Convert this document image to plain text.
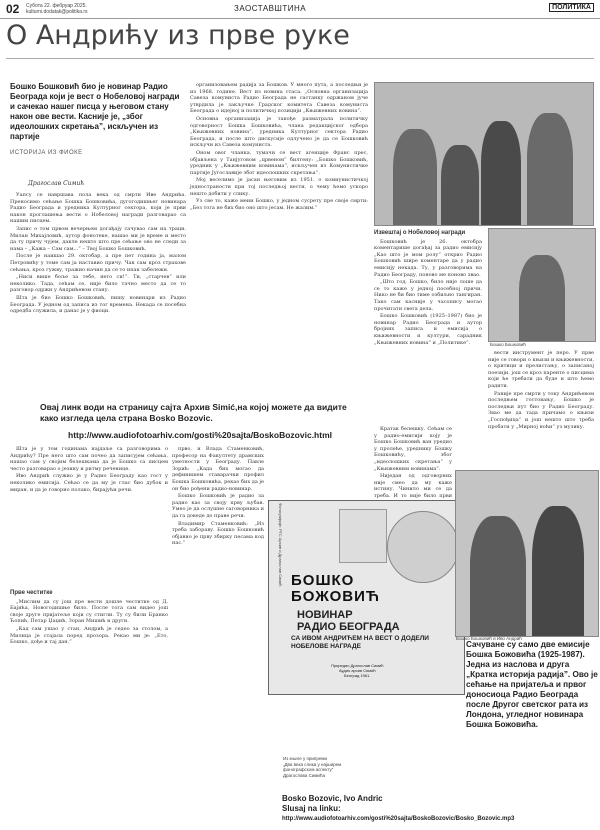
02 Субота 22. фебруар 2025.
kulturni.dodatak@politika.rs	ЗАОСТАВШТИНА	ПОЛИТИКА
О Андрићу из прве руке
Бошко Бошковић био је новинар Радио Београда који је вест о Нобеловој награди и сачекао нашег писца у његовом стану након ове вести. Касније је, „због идеолошких скретања”, искључен из партије
ИСТОРИЈА ИЗ ФИОКЕ
Драгослав Симић

Уапсу се навршава пола века од смрти Иве Андрића. Преносимо сећање Бошка Бошковића, дугогодишњег новинара Радио Београда и уредника Културног сектора, који је први након проглашења вести о Нобеловој награди разговарао са нашим писцем.

Запис о том првом вечерњем догађају сачувао сам на траци. Милан Михајловић, аутор фонотеке, нашао ми је време и место да ту причу чујем, дакле нешто што пре сећање ово не следи за нама – „Кажа – Сам сам...” – Твој Бошко Бошковић.

После је наишао 29. октобар, а пре пет година ја, малом Петровићу у томе сам ја наставио причу. Чак сам кроз страхове сећања, кроз гужву, тражио начин да се то ипак забележи.

„Ниси више боље за тебе, него си!”. Ти, „старчев” или неколико. Тада, сећам се, није било тачно место да се то разговор одржи у Андрићевом стану.

Шта је био Бошко Бошковић, пишу новинари из Радио Београда. У једном од записа из тог времена. Некада се посебна одредба служила, и данас је у фиоци.

организовањем радија за Бошков. У много пута, а последњи је из 1968. године. Вест из новина стаса. „Основна организација Савеза комуниста Радио Београда не састанку одржаном јуче утврдила је закључке Градског комитета Савеза комуниста Београда о идејној и политичкој позицији „Књижевних новина”.

Основна организација је такође разматрала политичку одговорност Бошка Бошковића, члана редакцијског одбора „Књижевних новина”, уредника Културног сектора Радио Београда, и после што дискусије одлучено је да се Бошковић искључи из Савеза комуниста.

Оном овог чланка, тумачи се вест агенције Франс прес, објављена у Танјуговом „црвеном” билтену: „Бошко Бошковић, уредник у „Књижевним новинама”, искључен из Комунистичке партије Југославије због идеолошких скретања”.

Мој веселимо је јасан његовим из 1951. о комиунистичкој једностраности при тој последњој вести, о чему ћемо ускоро нешто добити у слику.

Уз све то, каже мени Бошко, у једном сусрету пре своје смрти: „Без тога не бих био оно што јесам. Не жалим.”

Извештај о Нобеловој награди

Бошковић је 26. октобра коментарише догађај за радио емисију „Као што је мом ролу” открио Радио Бошковић шире коментаре да у радио емисију некада. Ту, у разговорима на Радио Београду, поново ме поново звао.

„Што год, Бошко, било није лоше да се то каже у једној посебној причи. Нико не би био тиме озбиљно тангиран. Тако сам касније у часопису могао прочитати свега дела.

Бошко Бошковић (1925–1987) био је новинар Радио Београда и аутор бројних записа и емисија о књижевности и култури, сарадник „Књижевних новина” и „Политике”.	Бошко Бошковић

Кратак белешку. Сећам се у радио-емисији коју је Бошко Бошковић ван уредио у пролеће, уреднику Бошку Бошковићу, због „идеолошких скретања” у „Књижевним новинама”.

Ниједан од одговорних није смео да му каже истину. Чинило ми се да треба. И то није било први

вести инструмент је перо. У прве није се говори о књизи и књижевности, о критици и прелистању, о записаној поезији, још се кроз паренте о писцима који ће требати да буде и што ћемо радити.

Раније пре смрти у току Андрићевом последњем гостовању, Бошко је последњи пут био у Радио Београду. Звао ме да тада причамо о књизи „Госпођица” и још нешто што треба пробати у „Мирној ноћи” уз музику.

Овај линк води на страницу сајта Архив Simić,на којој можете да видите како изгледа цела страна Bosko Bozovic.
http://www.audiofotoarhiv.com/gosti%20sajta/BoskoBozovic.html

Шта је у том годинама најдаље са разговорима о Андрићу? Пре него што сам почео да записујем сећања, нашао сам у својим белешкама да је Бошко са писцем често разговарао о језику и ритму реченице.

Иво Андрић служио је у Радио Београду као гост у неколико емисија. Сећао се да му је глас био дубок и миран, и да је говорио полако, бирајући речи.

Прве честитке

„Мислим да су још пре вести дошле честитке од Д. Бајића, Новогодишње било. После тога сам видео још своје друге пријатеље који су стигли. Ту су били Бранко Ћопић, Петар Џаџић, Зоран Мишић и други.

„Кад сам ушао у стан, Андрић је седео за столом, а Милица је стајала поред прозора. Рекао ми је: „Ето, Бошко, дође и тај дан.”

прво, и Влада Стаменковић, професор на Факултету драмских уметности у Београду. Павле Зорић: „Када бих могао да дефинишем ставарачки профил Бошка Бошковића, рекао бих да је он био рођени радио-новинар.

Бошко Бошковић је радио за радио као за своју прву љубав. Умео је да ослушне саговорника и да га доведе до праве речи.

Владимир Стаменковић: „Из треба забораву. Бошко Бошковић објавио је прву збирку песама код нас.”	Фотографије: РТС Архив и Драгослав Симић БОШКО
БОЖОВИЋ
НОВИНАР
РАДИО БЕОГРАДА
СА ИВОМ АНДРИЋЕМ НА ВЕСТ О ДОДЕЛИ НОБЕЛОВЕ НАГРАДЕ
Приредио Драгослав Симић
Аудио архив Симић
Београд 1961.
Бошко Бошковић и Иво Андрић
Сачуване су само две емисије Бошка Божовића (1925-1987). Једна из наслова и друга „Кратка историја радија”. Ово је сећање на пријатеља и првог доносиоца Радио Београда после Другог светског рата из Лондона, угледног новинара Бошка Божовића.
Из књиге у припреми
„Два века слика у најширем
фонографском аспекту”
Драгослава Симића
Bosko Bozovic, Ivo Andric
Slusaj na linku:
http://www.audiofotoarhiv.com/gosti%20sajta/BoskoBozovic/Bosko_Bozovic.mp3
